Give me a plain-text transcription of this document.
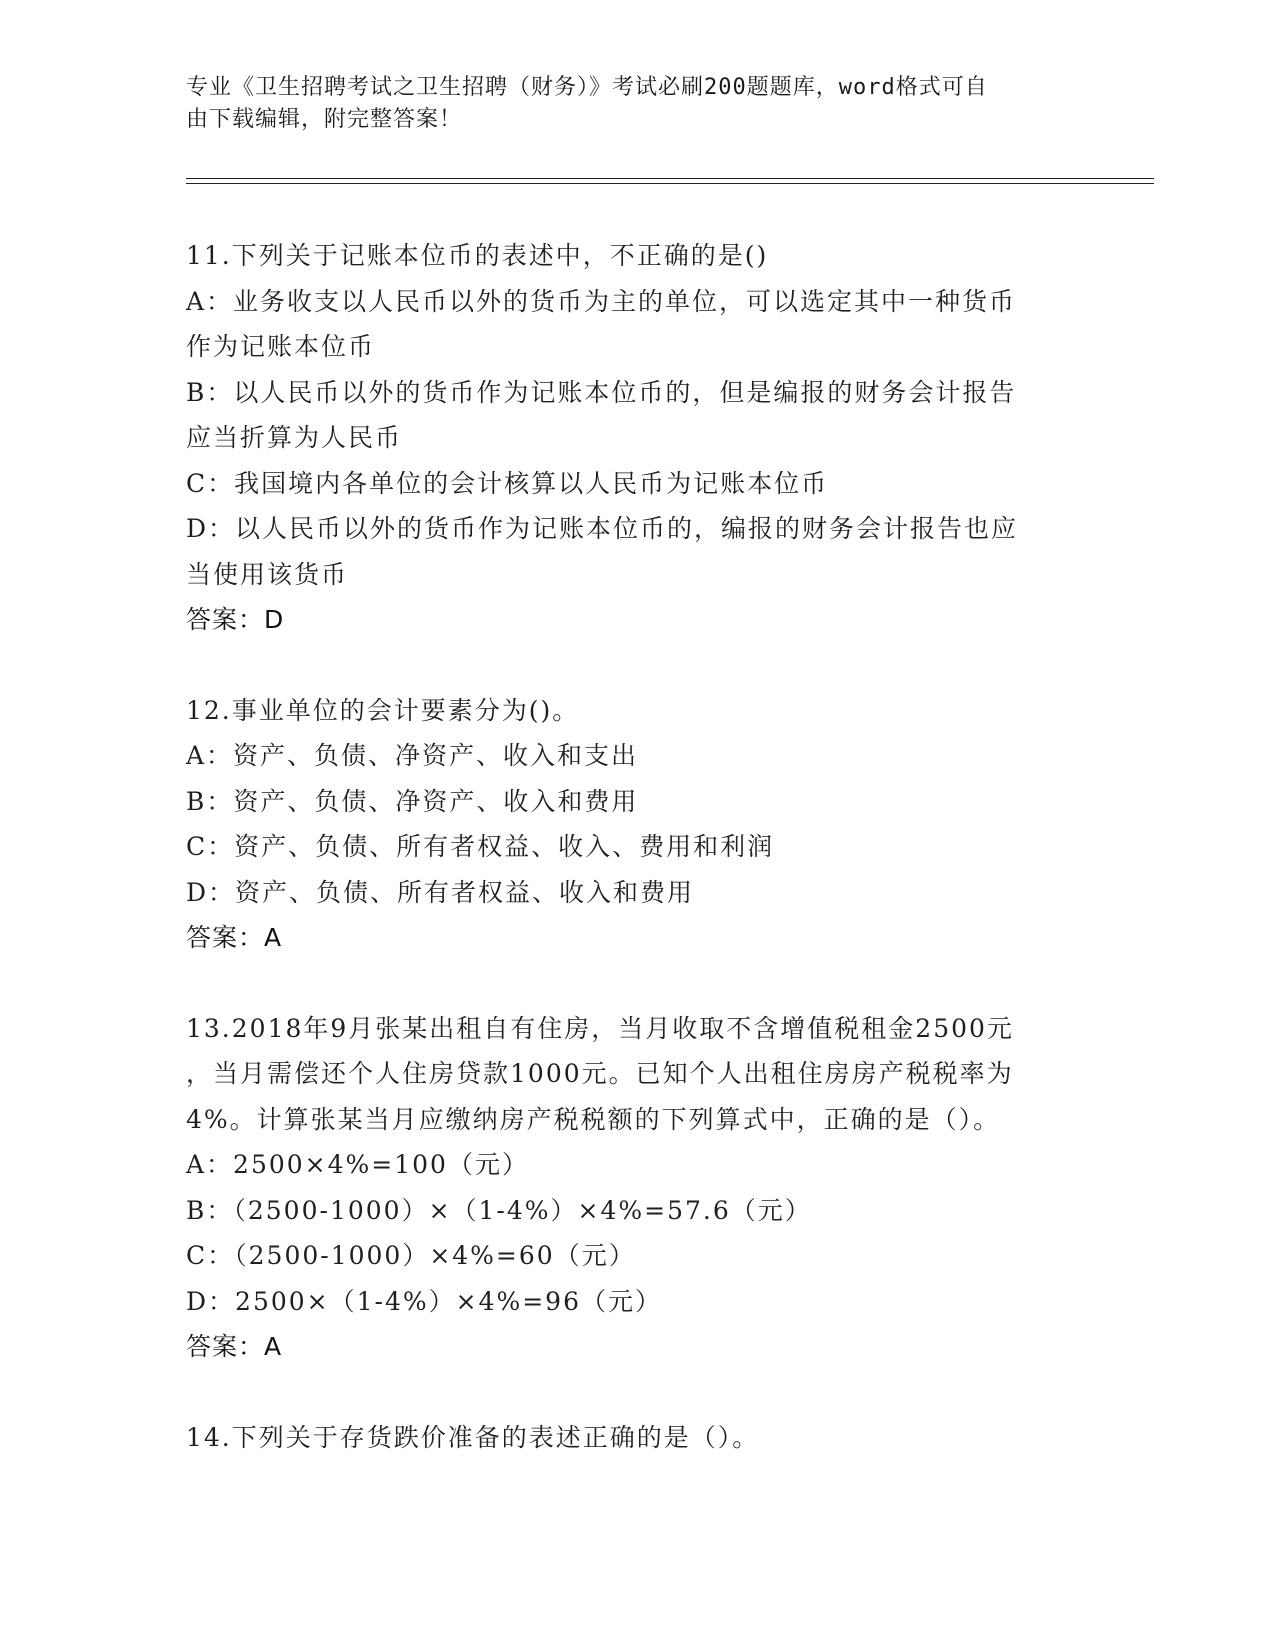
专业《卫生招聘考试之卫生招聘（财务）》考试必刷200题题库，word格式可自
由下载编辑，附完整答案！

11.下列关于记账本位币的表述中，不正确的是()

A：业务收支以人民币以外的货币为主的单位，可以选定其中一种货币

作为记账本位币

B：以人民币以外的货币作为记账本位币的，但是编报的财务会计报告

应当折算为人民币

C：我国境内各单位的会计核算以人民币为记账本位币

D：以人民币以外的货币作为记账本位币的，编报的财务会计报告也应

当使用该货币

答案：D

12.事业单位的会计要素分为()。

A：资产、负债、净资产、收入和支出

B：资产、负债、净资产、收入和费用

C：资产、负债、所有者权益、收入、费用和利润

D：资产、负债、所有者权益、收入和费用

答案：A

13.2018年9月张某出租自有住房，当月收取不含增值税租金2500元

，当月需偿还个人住房贷款1000元。已知个人出租住房房产税税率为

4%。计算张某当月应缴纳房产税税额的下列算式中，正确的是（）。

A：2500×4%=100（元）

B：（2500-1000）×（1-4%）×4%=57.6（元）

C：（2500-1000）×4%=60（元）

D：2500×（1-4%）×4%=96（元）

答案：A

14.下列关于存货跌价准备的表述正确的是（）。
